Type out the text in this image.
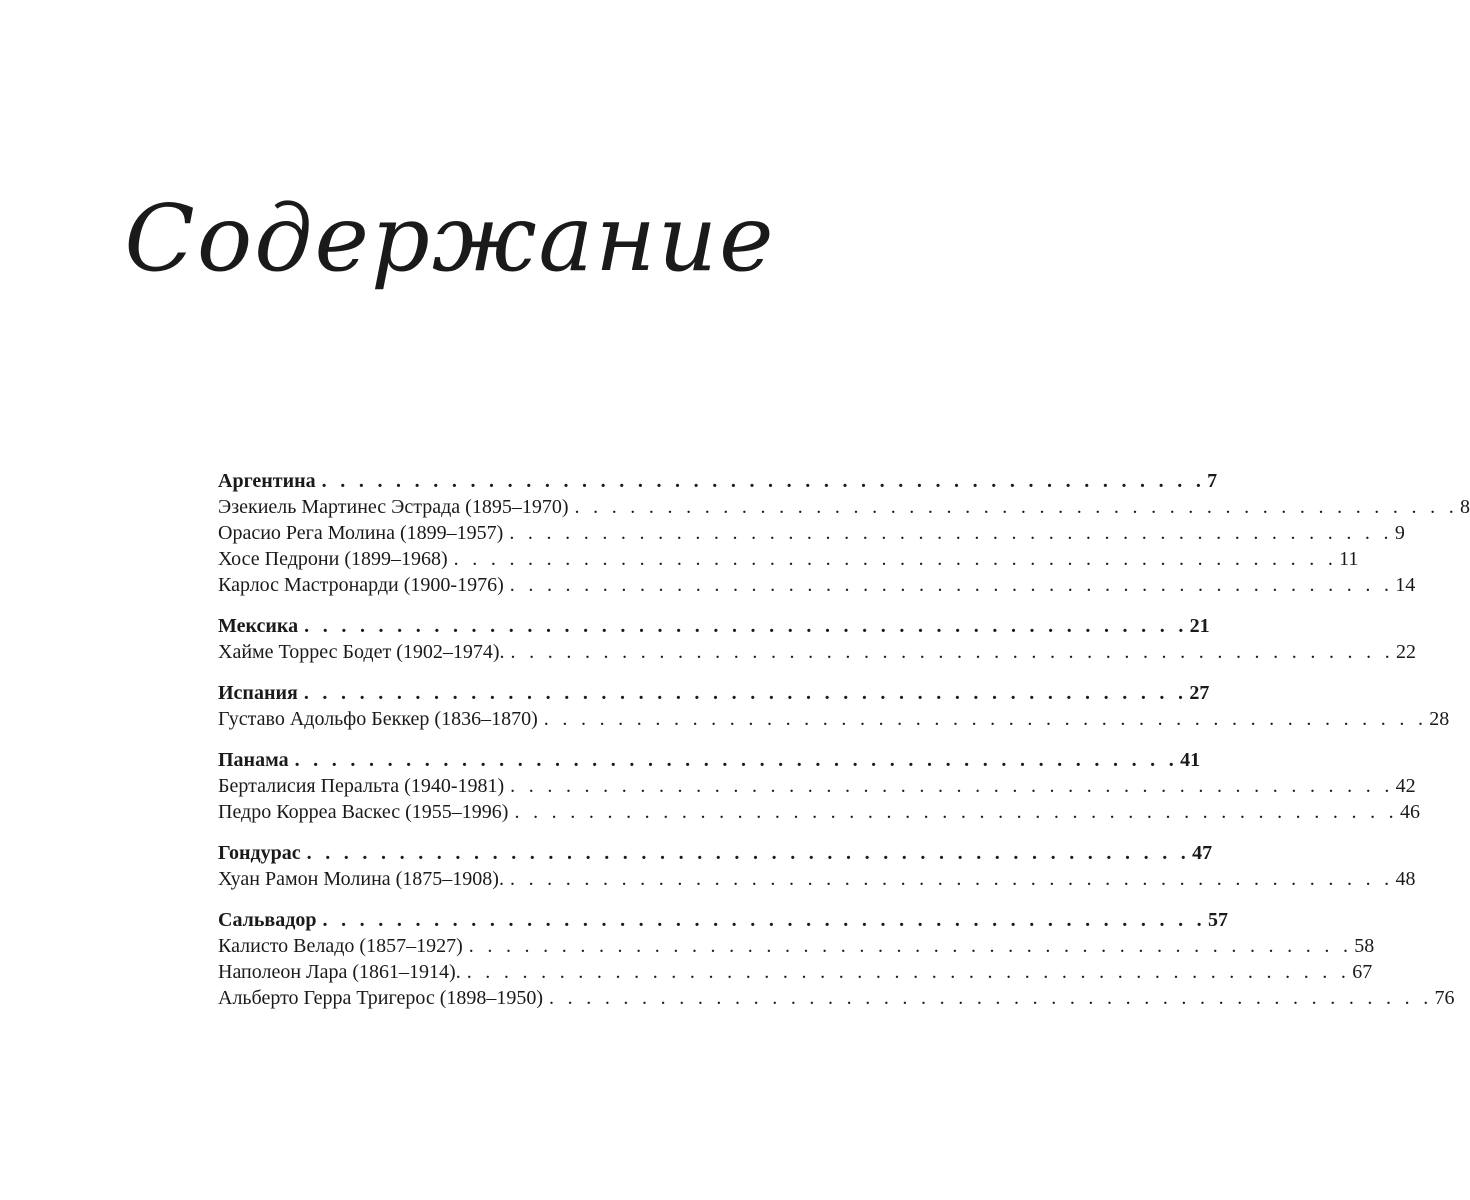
Содержание
Аргентина . . .	7
Эзекиель Мартинес Эстрада (1895–1970) . . .	8
Орасио Рега Молина (1899–1957) . . .	9
Хосе Педрони (1899–1968) . . .	11
Карлос Мастронарди (1900-1976) . . .	14
Мексика . . .	21
Хайме Торрес Бодет (1902–1974). . . .	22
Испания . . .	27
Густаво Адольфо Беккер (1836–1870) . . .	28
Панама . . .	41
Берталисия Перальта (1940-1981) . . .	42
Педро Корреа Васкес (1955–1996) . . .	46
Гондурас . . .	47
Хуан Рамон Молина (1875–1908). . . .	48
Сальвадор . . .	57
Калисто Веладо (1857–1927) . . .	58
Наполеон Лара (1861–1914). . . .	67
Альберто Герра Тригерос (1898–1950) . . .	76
